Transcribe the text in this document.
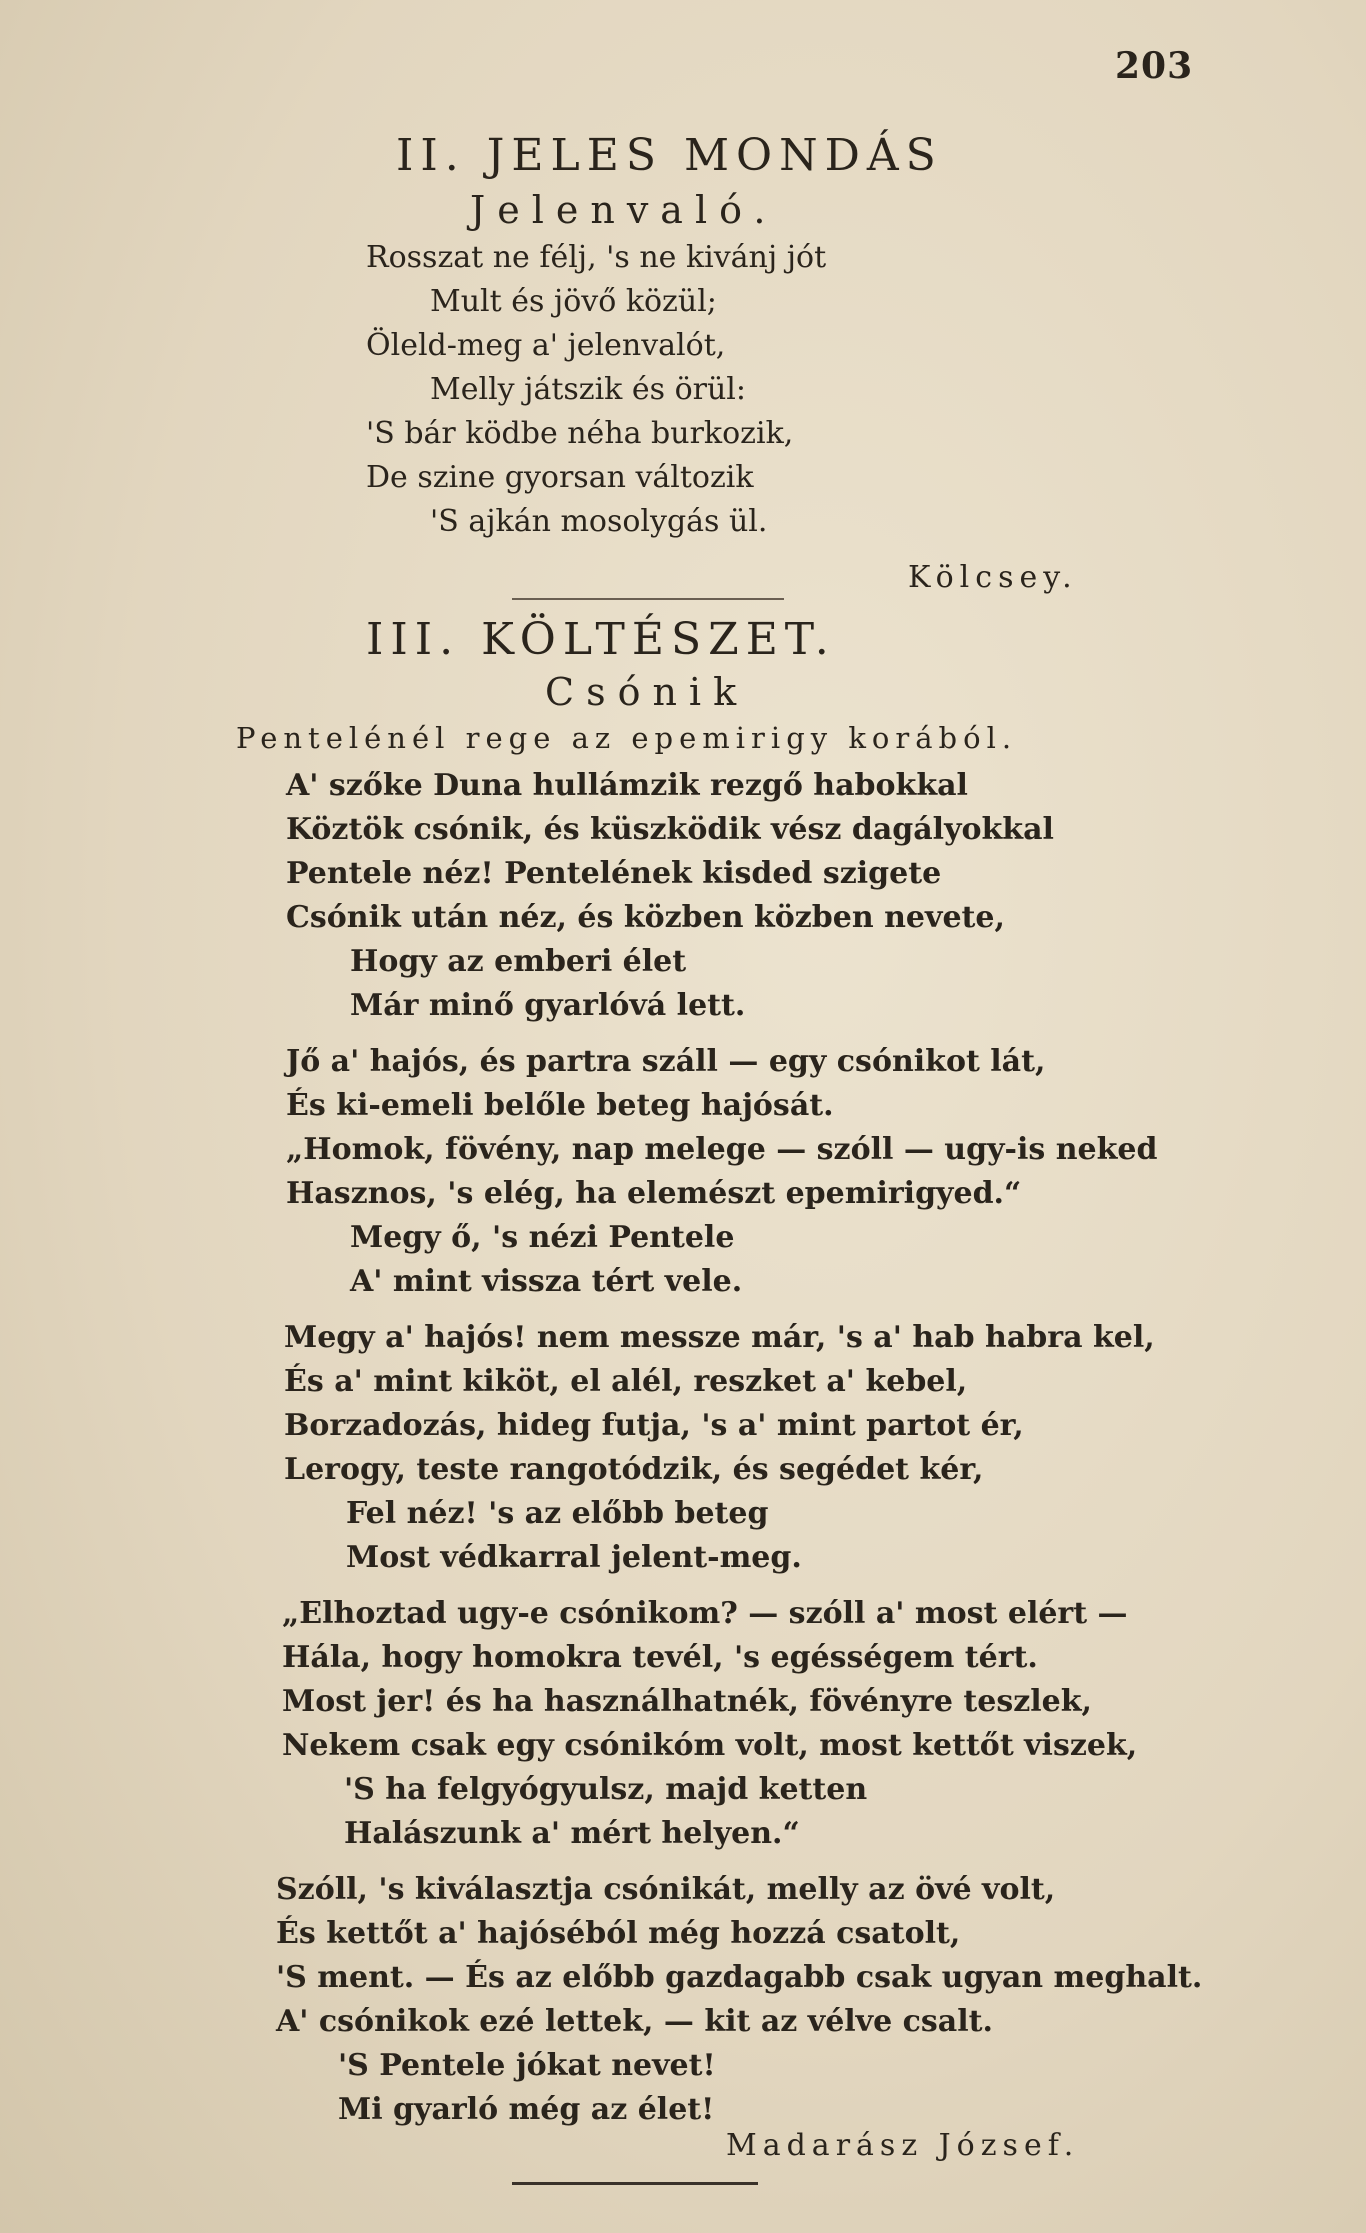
203
II. JELES MONDÁS
Jelenvaló.
Rosszat ne félj, 's ne kivánj jót
Mult és jövő közül;
Öleld-meg a' jelenvalót,
Melly játszik és örül:
'S bár ködbe néha burkozik,
De szine gyorsan változik
'S ajkán mosolygás ül.
Kölcsey.
III. KÖLTÉSZET.
Csónik
Pentelénél rege az epemirigy korából.
A' szőke Duna hullámzik rezgő habokkal
Köztök csónik, és küszködik vész dagályokkal
Pentele néz! Pentelének kisded szigete
Csónik után néz, és közben közben nevete,
Hogy az emberi élet
Már minő gyarlóvá lett.
Jő a' hajós, és partra száll — egy csónikot lát,
És ki-emeli belőle beteg hajósát.
„Homok, fövény, nap melege — szóll — ugy-is neked
Hasznos, 's elég, ha elemészt epemirigyed.“
Megy ő, 's nézi Pentele
A' mint vissza tért vele.
Megy a' hajós! nem messze már, 's a' hab habra kel,
És a' mint kiköt, el alél, reszket a' kebel,
Borzadozás, hideg futja, 's a' mint partot ér,
Lerogy, teste rangotódzik, és segédet kér,
Fel néz! 's az előbb beteg
Most védkarral jelent-meg.
„Elhoztad ugy-e csónikom? — szóll a' most elért —
Hála, hogy homokra tevél, 's egésségem tért.
Most jer! és ha használhatnék, fövényre teszlek,
Nekem csak egy csónikóm volt, most kettőt viszek,
'S ha felgyógyulsz, majd ketten
Halászunk a' mért helyen.“
Szóll, 's kiválasztja csónikát, melly az övé volt,
És kettőt a' hajóséból még hozzá csatolt,
'S ment. — És az előbb gazdagabb csak ugyan meghalt.
A' csónikok ezé lettek, — kit az vélve csalt.
'S Pentele jókat nevet!
Mi gyarló még az élet!
Madarász József.
